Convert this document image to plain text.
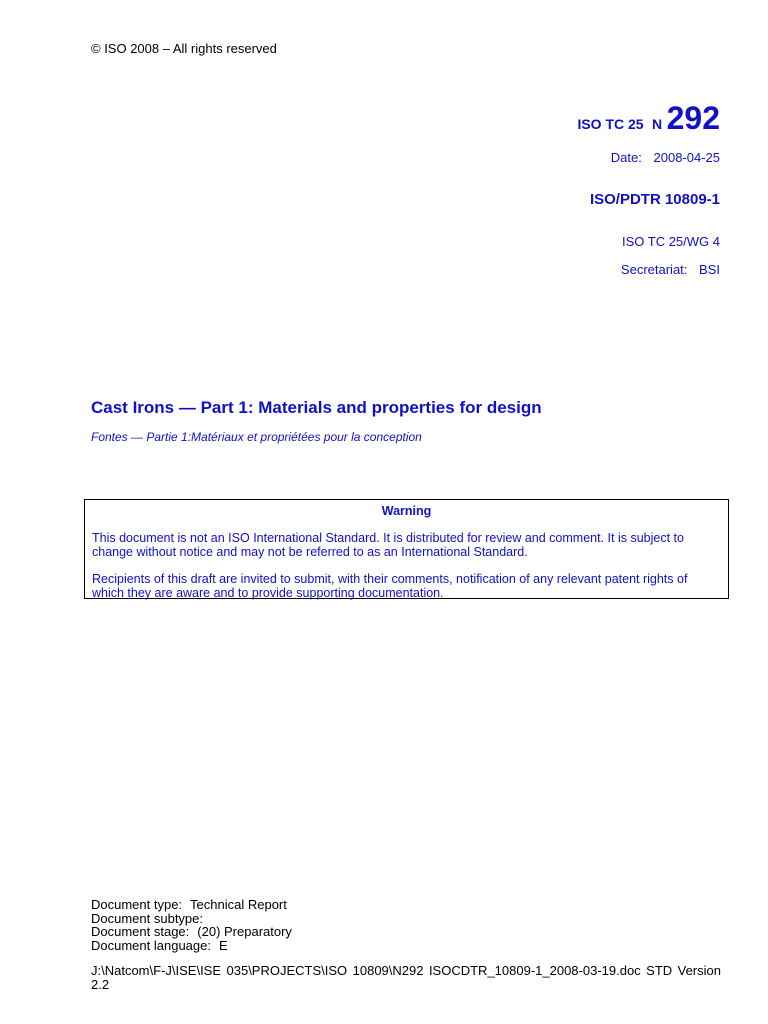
© ISO 2008 – All rights reserved
ISO TC 25 N 292
Date: 2008-04-25
ISO/PDTR 10809-1
ISO TC 25/WG 4
Secretariat: BSI
Cast Irons — Part 1: Materials and properties for design
Fontes — Partie 1:Matériaux et propriétées pour la conception
Warning

This document is not an ISO International Standard. It is distributed for review and comment. It is subject to change without notice and may not be referred to as an International Standard.

Recipients of this draft are invited to submit, with their comments, notification of any relevant patent rights of which they are aware and to provide supporting documentation.

Document type: Technical Report
Document subtype:
Document stage: (20) Preparatory
Document language: E
J:\Natcom\F-J\ISE\ISE 035\PROJECTS\ISO 10809\N292 ISOCDTR_10809-1_2008-03-19.doc STD Version 2.2
